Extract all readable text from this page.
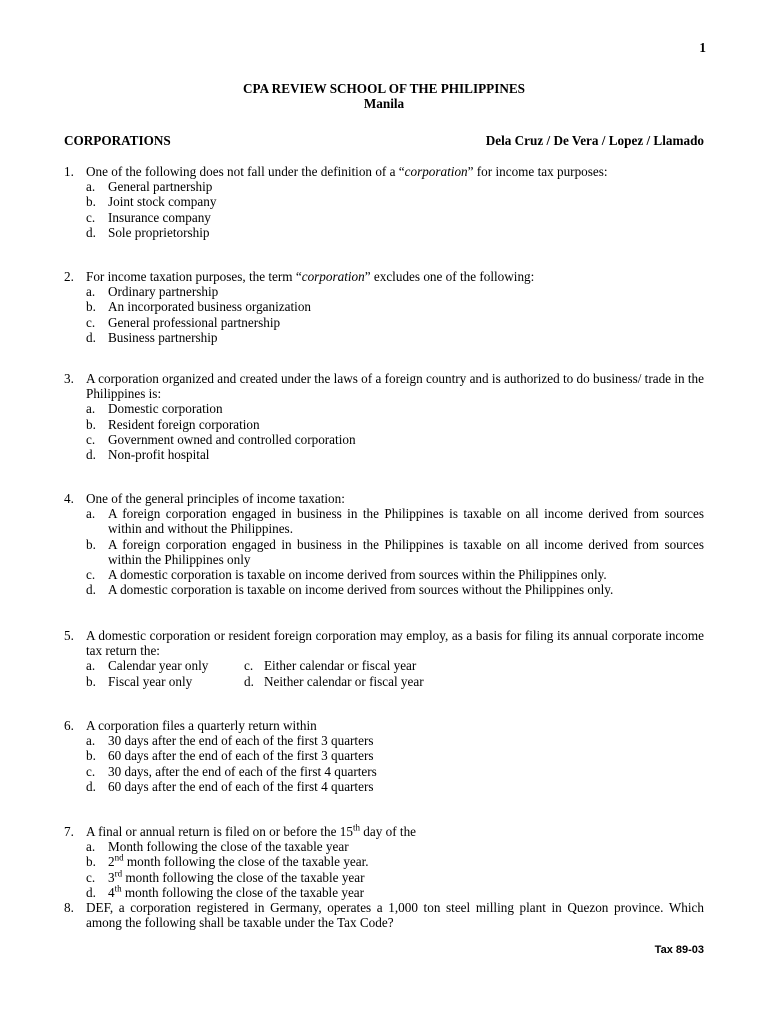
1
CPA REVIEW SCHOOL OF THE PHILIPPINES
Manila
CORPORATIONS	Dela Cruz / De Vera / Lopez / Llamado
1. One of the following does not fall under the definition of a “corporation” for income tax purposes:
a. General partnership
b. Joint stock company
c. Insurance company
d. Sole proprietorship
2. For income taxation purposes, the term “corporation” excludes one of the following:
a. Ordinary partnership
b. An incorporated business organization
c. General professional partnership
d. Business partnership
3. A corporation organized and created under the laws of a foreign country and is authorized to do business/ trade in the Philippines is:
a. Domestic corporation
b. Resident foreign corporation
c. Government owned and controlled corporation
d. Non-profit hospital
4. One of the general principles of income taxation:
a. A foreign corporation engaged in business in the Philippines is taxable on all income derived from sources within and without the Philippines.
b. A foreign corporation engaged in business in the Philippines is taxable on all income derived from sources within the Philippines only
c. A domestic corporation is taxable on income derived from sources within the Philippines only.
d. A domestic corporation is taxable on income derived from sources without the Philippines only.
5. A domestic corporation or resident foreign corporation may employ, as a basis for filing its annual corporate income tax return the:
a. Calendar year only	c. Either calendar or fiscal year
b. Fiscal year only	d. Neither calendar or fiscal year
6. A corporation files a quarterly return within
a. 30 days after the end of each of the first 3 quarters
b. 60 days after the end of each of the first 3 quarters
c. 30 days, after the end of each of the first 4 quarters
d. 60 days after the end of each of the first 4 quarters
7. A final or annual return is filed on or before the 15th day of the
a. Month following the close of the taxable year
b. 2nd month following the close of the taxable year.
c. 3rd month following the close of the taxable year
d. 4th month following the close of the taxable year
8. DEF, a corporation registered in Germany, operates a 1,000 ton steel milling plant in Quezon province. Which among the following shall be taxable under the Tax Code?
Tax 89-03
